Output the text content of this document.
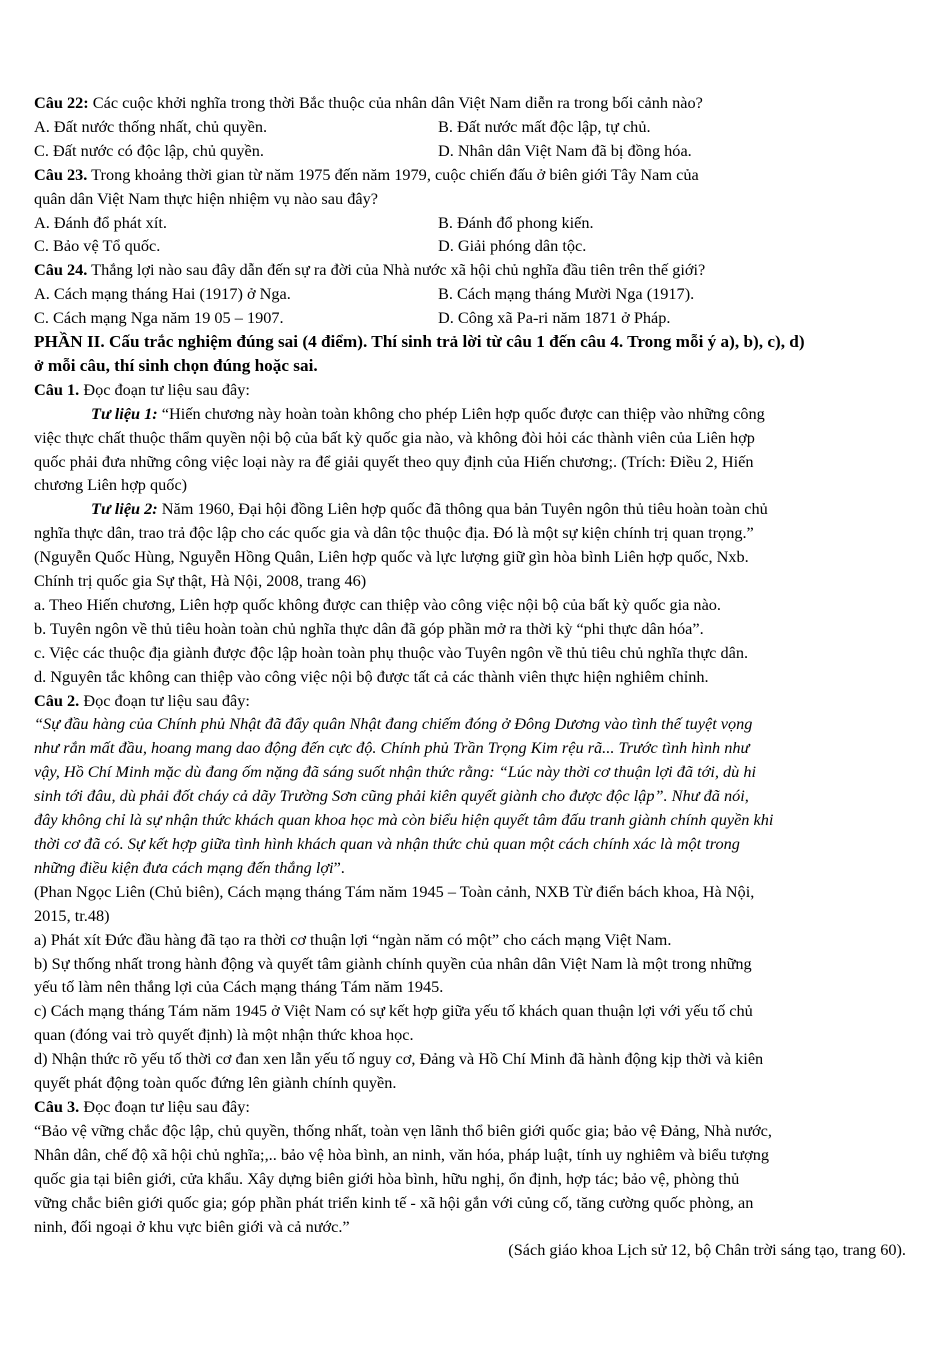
Câu 22: Các cuộc khởi nghĩa trong thời Bắc thuộc của nhân dân Việt Nam diễn ra trong bối cảnh nào?
A. Đất nước thống nhất, chủ quyền.	B. Đất nước mất độc lập, tự chủ.
C. Đất nước có độc lập, chủ quyền.	D. Nhân dân Việt Nam đã bị đồng hóa.
Câu 23. Trong khoảng thời gian từ năm 1975 đến năm 1979, cuộc chiến đấu ở biên giới Tây Nam của
quân dân Việt Nam thực hiện nhiệm vụ nào sau đây?
A. Đánh đổ phát xít.	B. Đánh đổ phong kiến.
C. Bảo vệ Tổ quốc.	D. Giải phóng dân tộc.
Câu 24. Thắng lợi nào sau đây dẫn đến sự ra đời của Nhà nước xã hội chủ nghĩa đầu tiên trên thế giới?
A. Cách mạng tháng Hai (1917) ở Nga.	B. Cách mạng tháng Mười Nga (1917).
C. Cách mạng Nga năm 19 05 – 1907.	D. Công xã Pa-ri năm 1871 ở Pháp.
PHẦN II. Cấu trắc nghiệm đúng sai (4 điểm). Thí sinh trả lời từ câu 1 đến câu 4. Trong mỗi ý a), b), c), d)
ở mỗi câu, thí sinh chọn đúng hoặc sai.
Câu 1. Đọc đoạn tư liệu sau đây:
Tư liệu 1: “Hiến chương này hoàn toàn không cho phép Liên hợp quốc được can thiệp vào những công
việc thực chất thuộc thẩm quyền nội bộ của bất kỳ quốc gia nào, và không đòi hỏi các thành viên của Liên hợp
quốc phải đưa những công việc loại này ra để giải quyết theo quy định của Hiến chương;. (Trích: Điều 2, Hiến
chương Liên hợp quốc)
Tư liệu 2: Năm 1960, Đại hội đồng Liên hợp quốc đã thông qua bản Tuyên ngôn thủ tiêu hoàn toàn chủ
nghĩa thực dân, trao trả độc lập cho các quốc gia và dân tộc thuộc địa. Đó là một sự kiện chính trị quan trọng.”
(Nguyễn Quốc Hùng, Nguyễn Hồng Quân, Liên hợp quốc và lực lượng giữ gìn hòa bình Liên hợp quốc, Nxb.
Chính trị quốc gia Sự thật, Hà Nội, 2008, trang 46)
a. Theo Hiến chương, Liên hợp quốc không được can thiệp vào công việc nội bộ của bất kỳ quốc gia nào.
b. Tuyên ngôn về thủ tiêu hoàn toàn chủ nghĩa thực dân đã góp phần mở ra thời kỳ “phi thực dân hóa”.
c. Việc các thuộc địa giành được độc lập hoàn toàn phụ thuộc vào Tuyên ngôn về thủ tiêu chủ nghĩa thực dân.
d. Nguyên tắc không can thiệp vào công việc nội bộ được tất cả các thành viên thực hiện nghiêm chỉnh.
Câu 2. Đọc đoạn tư liệu sau đây:
“Sự đầu hàng của Chính phủ Nhật đã đẩy quân Nhật đang chiếm đóng ở Đông Dương vào tình thế tuyệt vọng
như rắn mất đầu, hoang mang dao động đến cực độ. Chính phủ Trần Trọng Kim rệu rã... Trước tình hình như
vậy, Hồ Chí Minh mặc dù đang ốm nặng đã sáng suốt nhận thức rằng: “Lúc này thời cơ thuận lợi đã tới, dù hi
sinh tới đâu, dù phải đốt cháy cả dãy Trường Sơn cũng phải kiên quyết giành cho được độc lập”. Như đã nói,
đây không chỉ là sự nhận thức khách quan khoa học mà còn biểu hiện quyết tâm đấu tranh giành chính quyền khi
thời cơ đã có. Sự kết hợp giữa tình hình khách quan và nhận thức chủ quan một cách chính xác là một trong
những điều kiện đưa cách mạng đến thắng lợi”.
(Phan Ngọc Liên (Chủ biên), Cách mạng tháng Tám năm 1945 – Toàn cảnh, NXB Từ điển bách khoa, Hà Nội,
2015, tr.48)
a) Phát xít Đức đầu hàng đã tạo ra thời cơ thuận lợi “ngàn năm có một” cho cách mạng Việt Nam.
b) Sự thống nhất trong hành động và quyết tâm giành chính quyền của nhân dân Việt Nam là một trong những
yếu tố làm nên thắng lợi của Cách mạng tháng Tám năm 1945.
c) Cách mạng tháng Tám năm 1945 ở Việt Nam có sự kết hợp giữa yếu tố khách quan thuận lợi với yếu tố chủ
quan (đóng vai trò quyết định) là một nhận thức khoa học.
d) Nhận thức rõ yếu tố thời cơ đan xen lẫn yếu tố nguy cơ, Đảng và Hồ Chí Minh đã hành động kịp thời và kiên
quyết phát động toàn quốc đứng lên giành chính quyền.
Câu 3. Đọc đoạn tư liệu sau đây:
“Bảo vệ vững chắc độc lập, chủ quyền, thống nhất, toàn vẹn lãnh thổ biên giới quốc gia; bảo vệ Đảng, Nhà nước,
Nhân dân, chế độ xã hội chủ nghĩa;,.. bảo vệ hòa bình, an ninh, văn hóa, pháp luật, tính uy nghiêm và biểu tượng
quốc gia tại biên giới, cửa khẩu. Xây dựng biên giới hòa bình, hữu nghị, ổn định, hợp tác; bảo vệ, phòng thủ
vững chắc biên giới quốc gia; góp phần phát triển kinh tế - xã hội gắn với củng cố, tăng cường quốc phòng, an
ninh, đối ngoại ở khu vực biên giới và cả nước.”
(Sách giáo khoa Lịch sử 12, bộ Chân trời sáng tạo, trang 60).
